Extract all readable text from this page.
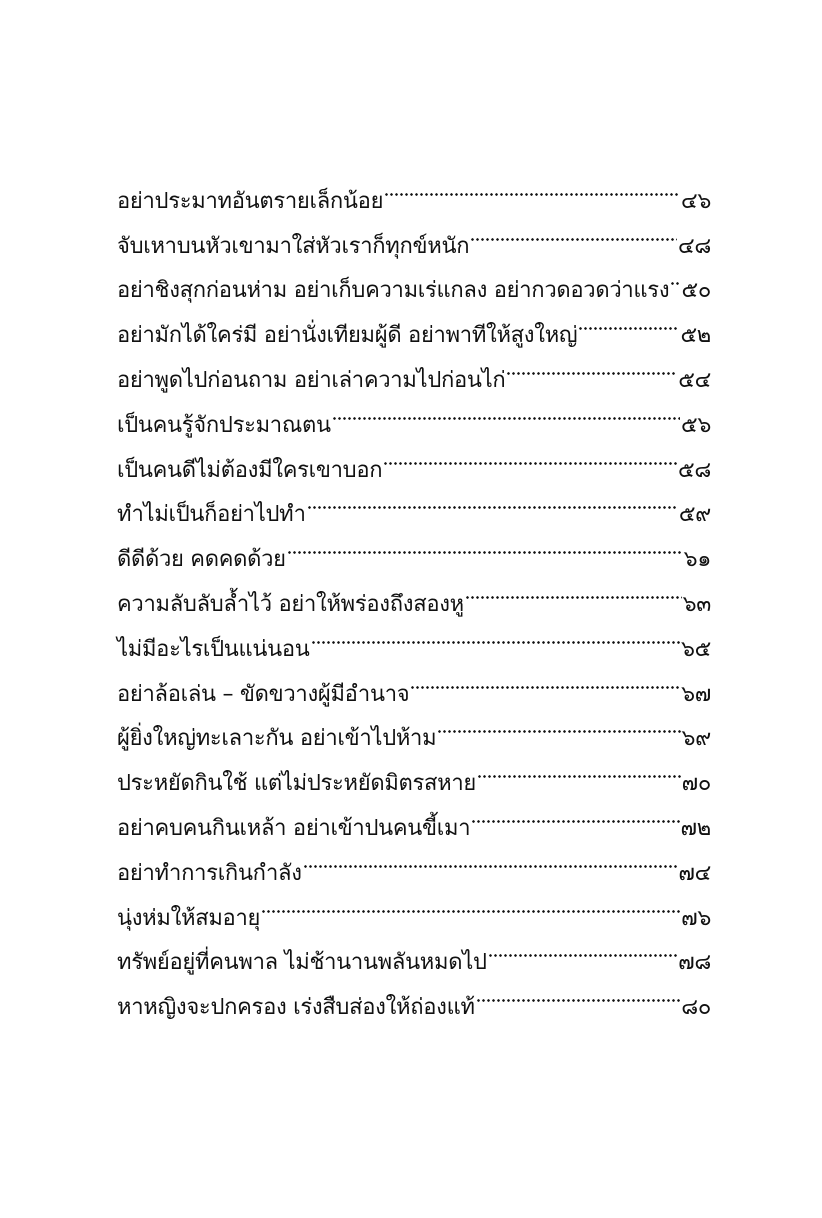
อย่าประมาทอันตรายเล็กน้อย	๔๖
จับเหาบนหัวเขามาใส่หัวเราก็ทุกข์หนัก	๔๘
อย่าชิงสุกก่อนห่าม อย่าเก็บความเร่แกลง อย่ากวดอวดว่าแรง ๕๐
อย่ามักได้ใคร่มี อย่านั่งเทียมผู้ดี อย่าพาทีให้สูงใหญ่	๕๒
อย่าพูดไปก่อนถาม อย่าเล่าความไปก่อนไก่	๕๔
เป็นคนรู้จักประมาณตน	๕๖
เป็นคนดีไม่ต้องมีใครเขาบอก	๕๘
ทำไม่เป็นก็อย่าไปทำ	๕๙
ดีดีด้วย คดคดด้วย	๖๑
ความลับลับล้ำไว้ อย่าให้พร่องถึงสองหู	๖๓
ไม่มีอะไรเป็นแน่นอน	๖๕
อย่าล้อเล่น – ขัดขวางผู้มีอำนาจ	๖๗
ผู้ยิ่งใหญ่ทะเลาะกัน อย่าเข้าไปห้าม	๖๙
ประหยัดกินใช้ แต่ไม่ประหยัดมิตรสหาย	๗๐
อย่าคบคนกินเหล้า อย่าเข้าปนคนขี้เมา	๗๒
อย่าทำการเกินกำลัง	๗๔
นุ่งห่มให้สมอายุ	๗๖
ทรัพย์อยู่ที่คนพาล ไม่ช้านานพลันหมดไป	๗๘
หาหญิงจะปกครอง เร่งสืบส่องให้ถ่องแท้	๘๐
